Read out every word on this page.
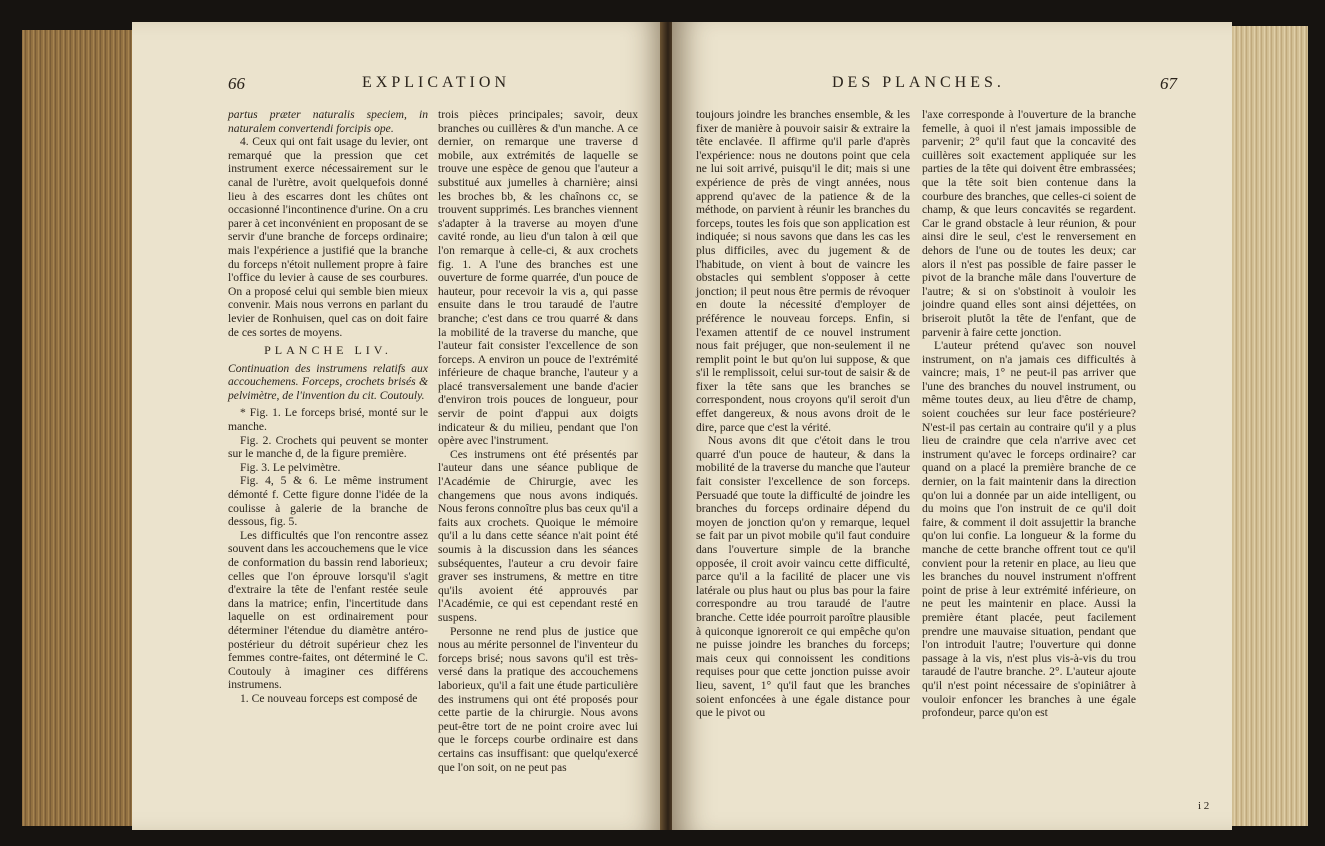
66	EXPLICATION

partus præter naturalis speciem, in naturalem convertendi forcipis ope.

4. Ceux qui ont fait usage du levier, ont remarqué que la pression que cet instrument exerce nécessairement sur le canal de l'urètre, avoit quelquefois donné lieu à des escarres dont les chûtes ont occasionné l'incontinence d'urine. On a cru parer à cet inconvénient en proposant de se servir d'une branche de forceps ordinaire; mais l'expérience a justifié que la branche du forceps n'étoit nullement propre à faire l'office du levier à cause de ses courbures. On a proposé celui qui semble bien mieux convenir. Mais nous verrons en parlant du levier de Ronhuisen, quel cas on doit faire de ces sortes de moyens.

PLANCHE LIV.

Continuation des instrumens relatifs aux accouchemens. Forceps, crochets brisés & pelvimètre, de l'invention du cit. Coutouly.

* Fig. 1. Le forceps brisé, monté sur le manche.

Fig. 2. Crochets qui peuvent se monter sur le manche d, de la figure première.

Fig. 3. Le pelvimètre.

Fig. 4, 5 & 6. Le même instrument démonté f. Cette figure donne l'idée de la coulisse à galerie de la branche de dessous, fig. 5.

Les difficultés que l'on rencontre assez souvent dans les accouchemens que le vice de conformation du bassin rend laborieux; celles que l'on éprouve lorsqu'il s'agit d'extraire la tête de l'enfant restée seule dans la matrice; enfin, l'incertitude dans laquelle on est ordinairement pour déterminer l'étendue du diamètre antéro-postérieur du détroit supérieur chez les femmes contre-faites, ont déterminé le C. Coutouly à imaginer ces différens instrumens.

1. Ce nouveau forceps est composé de

trois pièces principales; savoir, deux branches ou cuillères & d'un manche. A ce dernier, on remarque une traverse d mobile, aux extrémités de laquelle se trouve une espèce de genou que l'auteur a substitué aux jumelles à charnière; ainsi les broches bb, & les chaînons cc, se trouvent supprimés. Les branches viennent s'adapter à la traverse au moyen d'une cavité ronde, au lieu d'un talon à œil que l'on remarque à celle-ci, & aux crochets fig. 1. A l'une des branches est une ouverture de forme quarrée, d'un pouce de hauteur, pour recevoir la vis a, qui passe ensuite dans le trou taraudé de l'autre branche; c'est dans ce trou quarré & dans la mobilité de la traverse du manche, que l'auteur fait consister l'excellence de son forceps. A environ un pouce de l'extrémité inférieure de chaque branche, l'auteur y a placé transversalement une bande d'acier d'environ trois pouces de longueur, pour servir de point d'appui aux doigts indicateur & du milieu, pendant que l'on opère avec l'instrument.

Ces instrumens ont été présentés par l'auteur dans une séance publique de l'Académie de Chirurgie, avec les changemens que nous avons indiqués. Nous ferons connoître plus bas ceux qu'il a faits aux crochets. Quoique le mémoire qu'il a lu dans cette séance n'ait point été soumis à la discussion dans les séances subséquentes, l'auteur a cru devoir faire graver ses instrumens, & mettre en titre qu'ils avoient été approuvés par l'Académie, ce qui est cependant resté en suspens.

Personne ne rend plus de justice que nous au mérite personnel de l'inventeur du forceps brisé; nous savons qu'il est très-versé dans la pratique des accouchemens laborieux, qu'il a fait une étude particulière des instrumens qui ont été proposés pour cette partie de la chirurgie. Nous avons peut-être tort de ne point croire avec lui que le forceps courbe ordinaire est dans certains cas insuffisant: que quelqu'exercé que l'on soit, on ne peut pas

DES PLANCHES.	67

toujours joindre les branches ensemble, & les fixer de manière à pouvoir saisir & extraire la tête enclavée. Il affirme qu'il parle d'après l'expérience: nous ne doutons point que cela ne lui soit arrivé, puisqu'il le dit; mais si une expérience de près de vingt années, nous apprend qu'avec de la patience & de la méthode, on parvient à réunir les branches du forceps, toutes les fois que son application est indiquée; si nous savons que dans les cas les plus difficiles, avec du jugement & de l'habitude, on vient à bout de vaincre les obstacles qui semblent s'opposer à cette jonction; il peut nous être permis de révoquer en doute la nécessité d'employer de préférence le nouveau forceps. Enfin, si l'examen attentif de ce nouvel instrument nous fait préjuger, que non-seulement il ne remplit point le but qu'on lui suppose, & que s'il le remplissoit, celui sur-tout de saisir & de fixer la tête sans que les branches se correspondent, nous croyons qu'il seroit d'un effet dangereux, & nous avons droit de le dire, parce que c'est la vérité.

Nous avons dit que c'étoit dans le trou quarré d'un pouce de hauteur, & dans la mobilité de la traverse du manche que l'auteur fait consister l'excellence de son forceps. Persuadé que toute la difficulté de joindre les branches du forceps ordinaire dépend du moyen de jonction qu'on y remarque, lequel se fait par un pivot mobile qu'il faut conduire dans l'ouverture simple de la branche opposée, il croit avoir vaincu cette difficulté, parce qu'il a la facilité de placer une vis latérale ou plus haut ou plus bas pour la faire correspondre au trou taraudé de l'autre branche. Cette idée pourroit paroître plausible à quiconque ignoreroit ce qui empêche qu'on ne puisse joindre les branches du forceps; mais ceux qui connoissent les conditions requises pour que cette jonction puisse avoir lieu, savent, 1° qu'il faut que les branches soient enfoncées à une égale distance pour que le pivot ou

l'axe corresponde à l'ouverture de la branche femelle, à quoi il n'est jamais impossible de parvenir; 2° qu'il faut que la concavité des cuillères soit exactement appliquée sur les parties de la tête qui doivent être embrassées; que la tête soit bien contenue dans la courbure des branches, que celles-ci soient de champ, & que leurs concavités se regardent. Car le grand obstacle à leur réunion, & pour ainsi dire le seul, c'est le renversement en dehors de l'une ou de toutes les deux; car alors il n'est pas possible de faire passer le pivot de la branche mâle dans l'ouverture de l'autre; & si on s'obstinoit à vouloir les joindre quand elles sont ainsi déjettées, on briseroit plutôt la tête de l'enfant, que de parvenir à faire cette jonction.

L'auteur prétend qu'avec son nouvel instrument, on n'a jamais ces difficultés à vaincre; mais, 1° ne peut-il pas arriver que l'une des branches du nouvel instrument, ou même toutes deux, au lieu d'être de champ, soient couchées sur leur face postérieure? N'est-il pas certain au contraire qu'il y a plus lieu de craindre que cela n'arrive avec cet instrument qu'avec le forceps ordinaire? car quand on a placé la première branche de ce dernier, on la fait maintenir dans la direction qu'on lui a donnée par un aide intelligent, ou du moins que l'on instruit de ce qu'il doit faire, & comment il doit assujettir la branche qu'on lui confie. La longueur & la forme du manche de cette branche offrent tout ce qu'il convient pour la retenir en place, au lieu que les branches du nouvel instrument n'offrent point de prise à leur extrémité inférieure, on ne peut les maintenir en place. Aussi la première étant placée, peut facilement prendre une mauvaise situation, pendant que l'on introduit l'autre; l'ouverture qui donne passage à la vis, n'est plus vis-à-vis du trou taraudé de l'autre branche. 2°. L'auteur ajoute qu'il n'est point nécessaire de s'opiniâtrer à vouloir enfoncer les branches à une égale profondeur, parce qu'on est

i 2
